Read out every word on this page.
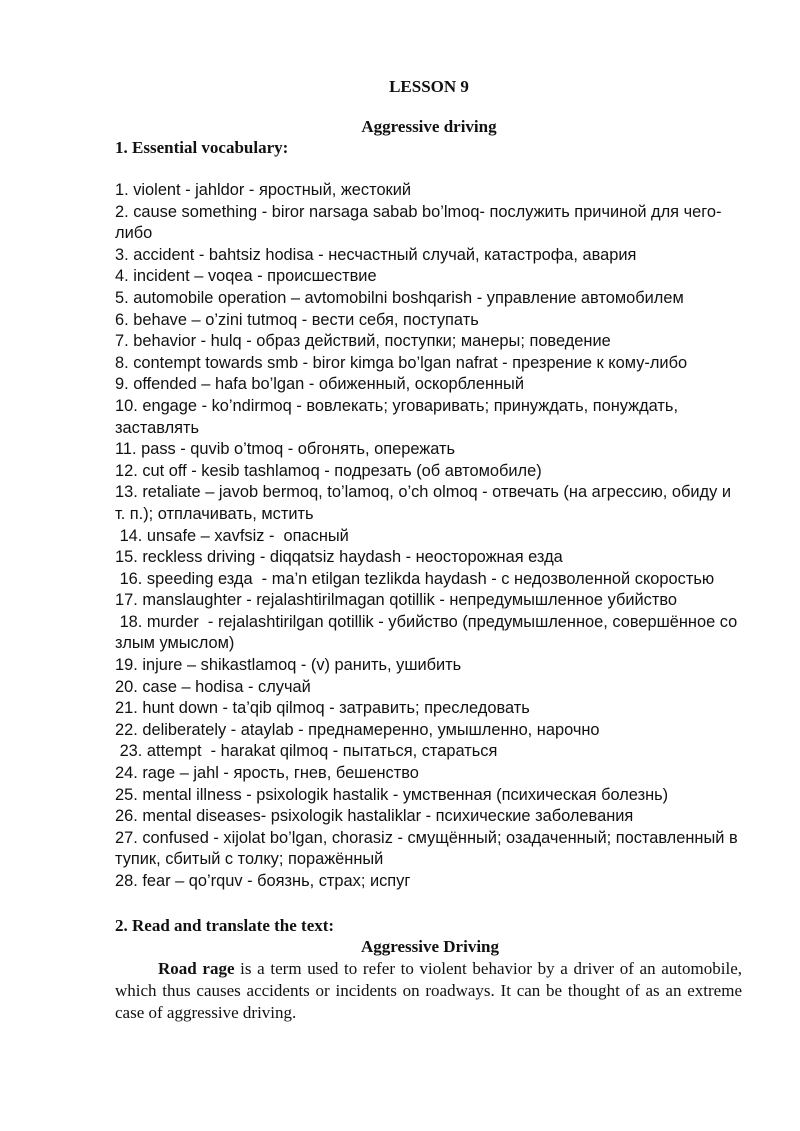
LESSON 9
Aggressive driving
1. Essential vocabulary:
1. violent - jahldor - яростный, жестокий
2. cause something - biror narsaga sabab bo’lmoq- послужить причиной для чего-либо
3. accident - bahtsiz hodisa - несчастный случай, катастрофа, авария
4. incident – voqea - происшествие
5. automobile operation – avtomobilni boshqarish - управление автомобилем
6. behave – o’zini tutmoq - вести себя, поступать
7. behavior - hulq - образ действий, поступки; манеры; поведение
8. contempt towards smb - biror kimga bo’lgan nafrat - презрение к кому-либо
9. offended – hafa bo’lgan - обиженный, оскорбленный
10. engage - ko’ndirmoq - вовлекать; уговаривать; принуждать, понуждать, заставлять
11. pass - quvib o’tmoq - обгонять, опережать
12. cut off - kesib tashlamoq - подрезать (об автомобиле)
13. retaliate – javob bermoq, to’lamoq, o’ch olmoq - отвечать (на агрессию, обиду и т. п.); отплачивать, мстить
14. unsafe – xavfsiz -  опасный
15. reckless driving - diqqatsiz haydash - неосторожная езда
16. speeding езда  - ma’n etilgan tezlikda haydash - с недозволенной скоростью
17. manslaughter - rejalashtirilmagan qotillik - непредумышленное убийство
18. murder  - rejalashtirilgan qotillik - убийство (предумышленное, совершённое со злым умыслом)
19. injure – shikastlamoq - (v) ранить, ушибить
20. case – hodisa - случай
21. hunt down - ta’qib qilmoq - затравить; преследовать
22. deliberately - ataylab - преднамеренно, умышленно, нарочно
23. attempt  - harakat qilmoq - пытаться, стараться
24. rage – jahl - ярость, гнев, бешенство
25. mental illness - psixologik hastalik - умственная (психическая болезнь)
26. mental diseases- psixologik hastaliklar - психические заболевания
27. confused - xijolat bo’lgan, chorasiz - смущённый; озадаченный; поставленный в тупик, сбитый с толку; поражённый
28. fear – qo’rquv - боязнь, страх; испуг
2. Read and translate the text:
Aggressive Driving

Road rage is a term used to refer to violent behavior by a driver of an automobile, which thus causes accidents or incidents on roadways. It can be thought of as an extreme case of aggressive driving.
